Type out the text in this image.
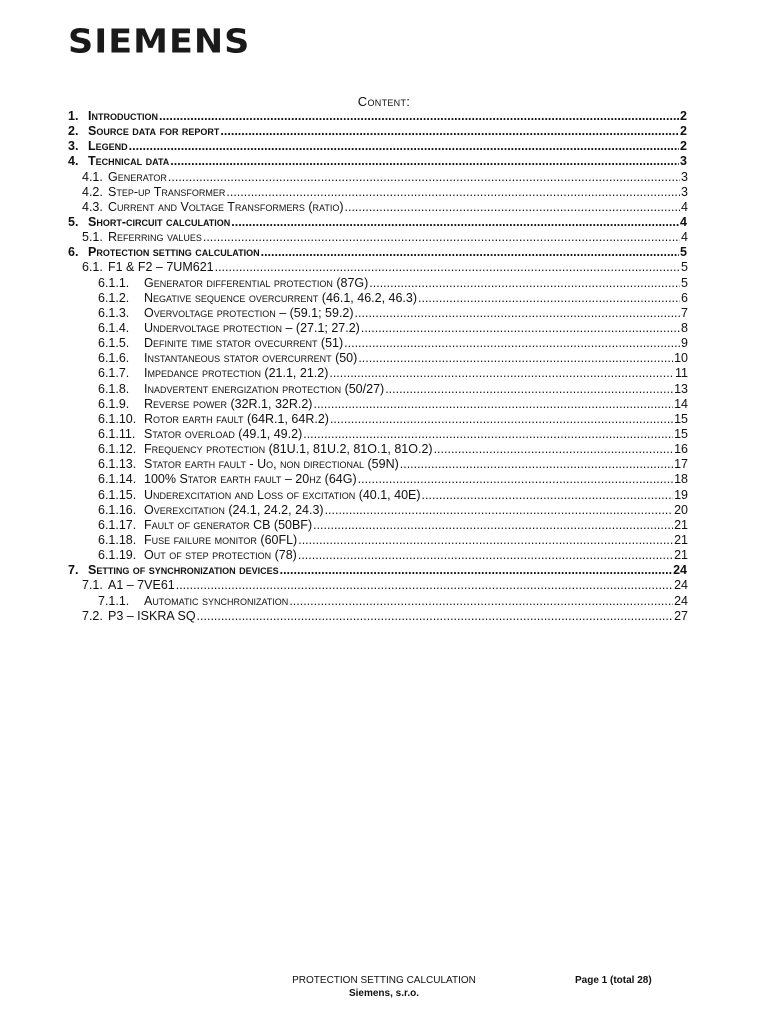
SIEMENS
Content:
1. Introduction .....	2
2. Source data for report .....	2
3. Legend .....	2
4. Technical data .....	3
4.1. Generator .....	3
4.2. Step-up Transformer .....	3
4.3. Current and Voltage Transformers (ratio) .....	4
5. Short-circuit calculation .....	4
5.1. Referring values .....	4
6. Protection setting calculation .....	5
6.1. F1 & F2 – 7UM621 .....	5
6.1.1.	Generator differential protection (87G) .....	5
6.1.2.	Negative sequence overcurrent (46.1, 46.2, 46.3) .....	6
6.1.3.	Overvoltage protection – (59.1; 59.2) .....	7
6.1.4.	Undervoltage protection – (27.1; 27.2) .....	8
6.1.5.	Definite time stator ovecurrent (51) .....	9
6.1.6.	Instantaneous stator overcurrent (50) .....	10
6.1.7.	Impedance protection (21.1, 21.2) .....	11
6.1.8.	Inadvertent energization protection (50/27) .....	13
6.1.9.	Reverse power (32R.1, 32R.2) .....	14
6.1.10. Rotor earth fault (64R.1, 64R.2) .....	15
6.1.11. Stator overload (49.1, 49.2) .....	15
6.1.12. Frequency protection (81U.1, 81U.2, 81O.1, 81O.2) .....	16
6.1.13. Stator earth fault - Uo, non directional (59N) .....	17
6.1.14. 100% Stator earth fault – 20hz (64G) .....	18
6.1.15. Underexcitation and Loss of excitation (40.1, 40E) .....	19
6.1.16. Overexcitation (24.1, 24.2, 24.3) .....	20
6.1.17. Fault of generator CB (50BF) .....	21
6.1.18. Fuse failure monitor (60FL) .....	21
6.1.19. Out of step protection (78) .....	21
7. Setting of synchronization devices .....	24
7.1. A1 – 7VE61 .....	24
7.1.1.	Automatic synchronization .....	24
7.2. P3 – ISKRA SQ .....	27
PROTECTION SETTING CALCULATION
Siemens, s.r.o.
Page 1 (total 28)
